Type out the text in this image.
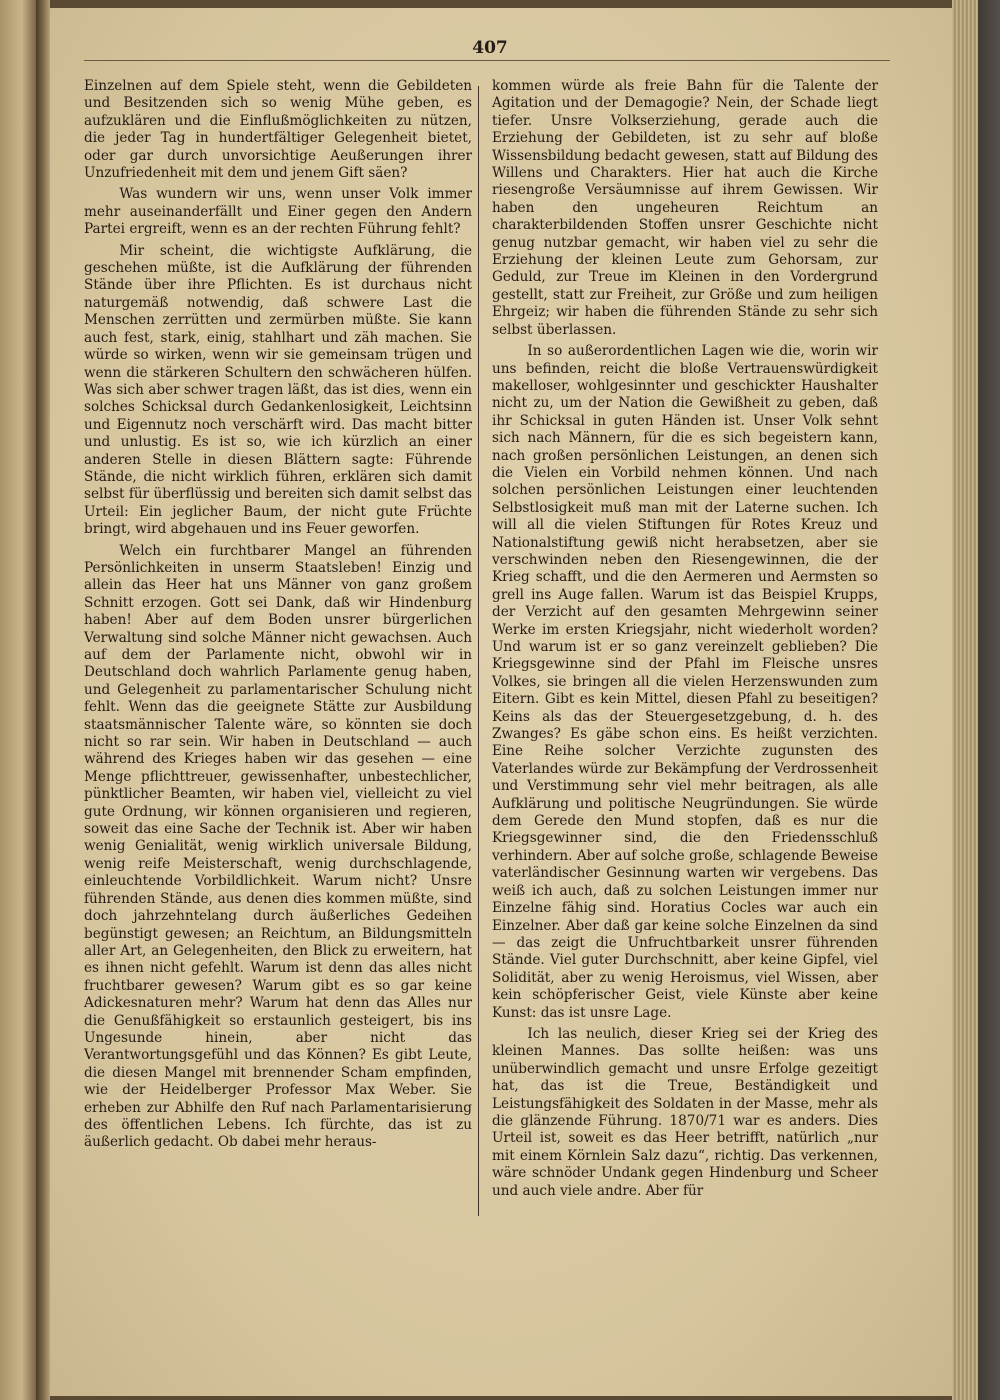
407

Einzelnen auf dem Spiele steht, wenn die Gebildeten und Besitzenden sich so wenig Mühe geben, es aufzuklären und die Einflußmöglichkeiten zu nützen, die jeder Tag in hundertfältiger Gelegenheit bietet, oder gar durch unvorsichtige Aeußerungen ihrer Unzufriedenheit mit dem und jenem Gift säen?

Was wundern wir uns, wenn unser Volk immer mehr auseinanderfällt und Einer gegen den Andern Partei ergreift, wenn es an der rechten Führung fehlt?

Mir scheint, die wichtigste Aufklärung, die geschehen müßte, ist die Aufklärung der führenden Stände über ihre Pflichten. Es ist durchaus nicht naturgemäß notwendig, daß schwere Last die Menschen zerrütten und zermürben müßte. Sie kann auch fest, stark, einig, stahlhart und zäh machen. Sie würde so wirken, wenn wir sie gemeinsam trügen und wenn die stärkeren Schultern den schwächeren hülfen. Was sich aber schwer tragen läßt, das ist dies, wenn ein solches Schicksal durch Gedankenlosigkeit, Leichtsinn und Eigennutz noch verschärft wird. Das macht bitter und unlustig. Es ist so, wie ich kürzlich an einer anderen Stelle in diesen Blättern sagte: Führende Stände, die nicht wirklich führen, erklären sich damit selbst für überflüssig und bereiten sich damit selbst das Urteil: Ein jeglicher Baum, der nicht gute Früchte bringt, wird abgehauen und ins Feuer geworfen.

Welch ein furchtbarer Mangel an führenden Persönlichkeiten in unserm Staatsleben! Einzig und allein das Heer hat uns Männer von ganz großem Schnitt erzogen. Gott sei Dank, daß wir Hindenburg haben! Aber auf dem Boden unsrer bürgerlichen Verwaltung sind solche Männer nicht gewachsen. Auch auf dem der Parlamente nicht, obwohl wir in Deutschland doch wahrlich Parlamente genug haben, und Gelegenheit zu parlamentarischer Schulung nicht fehlt. Wenn das die geeignete Stätte zur Ausbildung staatsmännischer Talente wäre, so könnten sie doch nicht so rar sein. Wir haben in Deutschland — auch während des Krieges haben wir das gesehen — eine Menge pflichttreuer, gewissenhafter, unbestechlicher, pünktlicher Beamten, wir haben viel, vielleicht zu viel gute Ordnung, wir können organisieren und regieren, soweit das eine Sache der Technik ist. Aber wir haben wenig Genialität, wenig wirklich universale Bildung, wenig reife Meisterschaft, wenig durchschlagende, einleuchtende Vorbildlichkeit. Warum nicht? Unsre führenden Stände, aus denen dies kommen müßte, sind doch jahrzehntelang durch äußerliches Gedeihen begünstigt gewesen; an Reichtum, an Bildungsmitteln aller Art, an Gelegenheiten, den Blick zu erweitern, hat es ihnen nicht gefehlt. Warum ist denn das alles nicht fruchtbarer gewesen? Warum gibt es so gar keine Adickesnaturen mehr? Warum hat denn das Alles nur die Genußfähigkeit so erstaunlich gesteigert, bis ins Ungesunde hinein, aber nicht das Verantwortungsgefühl und das Können? Es gibt Leute, die diesen Mangel mit brennender Scham empfinden, wie der Heidelberger Professor Max Weber. Sie erheben zur Abhilfe den Ruf nach Parlamentarisierung des öffentlichen Lebens. Ich fürchte, das ist zu äußerlich gedacht. Ob dabei mehr heraus-

kommen würde als freie Bahn für die Talente der Agitation und der Demagogie? Nein, der Schade liegt tiefer. Unsre Volkserziehung, gerade auch die Erziehung der Gebildeten, ist zu sehr auf bloße Wissensbildung bedacht gewesen, statt auf Bildung des Willens und Charakters. Hier hat auch die Kirche riesengroße Versäumnisse auf ihrem Gewissen. Wir haben den ungeheuren Reichtum an charakterbildenden Stoffen unsrer Geschichte nicht genug nutzbar gemacht, wir haben viel zu sehr die Erziehung der kleinen Leute zum Gehorsam, zur Geduld, zur Treue im Kleinen in den Vordergrund gestellt, statt zur Freiheit, zur Größe und zum heiligen Ehrgeiz; wir haben die führenden Stände zu sehr sich selbst überlassen.

In so außerordentlichen Lagen wie die, worin wir uns befinden, reicht die bloße Vertrauenswürdigkeit makelloser, wohlgesinnter und geschickter Haushalter nicht zu, um der Nation die Gewißheit zu geben, daß ihr Schicksal in guten Händen ist. Unser Volk sehnt sich nach Männern, für die es sich begeistern kann, nach großen persönlichen Leistungen, an denen sich die Vielen ein Vorbild nehmen können. Und nach solchen persönlichen Leistungen einer leuchtenden Selbstlosigkeit muß man mit der Laterne suchen. Ich will all die vielen Stiftungen für Rotes Kreuz und Nationalstiftung gewiß nicht herabsetzen, aber sie verschwinden neben den Riesengewinnen, die der Krieg schafft, und die den Aermeren und Aermsten so grell ins Auge fallen. Warum ist das Beispiel Krupps, der Verzicht auf den gesamten Mehrgewinn seiner Werke im ersten Kriegsjahr, nicht wiederholt worden? Und warum ist er so ganz vereinzelt geblieben? Die Kriegsgewinne sind der Pfahl im Fleische unsres Volkes, sie bringen all die vielen Herzenswunden zum Eitern. Gibt es kein Mittel, diesen Pfahl zu beseitigen? Keins als das der Steuergesetzgebung, d. h. des Zwanges? Es gäbe schon eins. Es heißt verzichten. Eine Reihe solcher Verzichte zugunsten des Vaterlandes würde zur Bekämpfung der Verdrossenheit und Verstimmung sehr viel mehr beitragen, als alle Aufklärung und politische Neugründungen. Sie würde dem Gerede den Mund stopfen, daß es nur die Kriegsgewinner sind, die den Friedensschluß verhindern. Aber auf solche große, schlagende Beweise vaterländischer Gesinnung warten wir vergebens. Das weiß ich auch, daß zu solchen Leistungen immer nur Einzelne fähig sind. Horatius Cocles war auch ein Einzelner. Aber daß gar keine solche Einzelnen da sind — das zeigt die Unfruchtbarkeit unsrer führenden Stände. Viel guter Durchschnitt, aber keine Gipfel, viel Solidität, aber zu wenig Heroismus, viel Wissen, aber kein schöpferischer Geist, viele Künste aber keine Kunst: das ist unsre Lage.

Ich las neulich, dieser Krieg sei der Krieg des kleinen Mannes. Das sollte heißen: was uns unüberwindlich gemacht und unsre Erfolge gezeitigt hat, das ist die Treue, Beständigkeit und Leistungsfähigkeit des Soldaten in der Masse, mehr als die glänzende Führung. 1870/71 war es anders. Dies Urteil ist, soweit es das Heer betrifft, natürlich „nur mit einem Körnlein Salz dazu“, richtig. Das verkennen, wäre schnöder Undank gegen Hindenburg und Scheer und auch viele andre. Aber für
